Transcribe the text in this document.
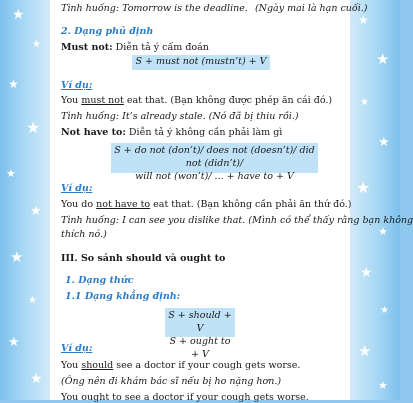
★
★
★
★
★
★
★
★
★
★
★
★
★
★
★
★
★
★
★
★
Tình huống: Tomorrow is the deadline. (Ngày mai là hạn cuối.)
2. Dạng phủ định
Must not: Diễn tả ý cấm đoán
S + must not (mustn’t) + V
Ví dụ:
You must not eat that. (Bạn không được phép ăn cái đó.)
Tình huống: It’s already stale. (Nó đã bị thiu rồi.)
Not have to: Diễn tả ý không cần phải làm gì
S + do not (don’t)/ does not (doesn’t)/ did not (didn’t)/
will not (won’t)/ ... + have to + V
Ví dụ:
You do not have to eat that. (Bạn không cần phải ăn thứ đó.)
Tình huống: I can see you dislike that. (Mình có thể thấy rằng bạn không
thích nó.)
III. So sánh should và ought to
1. Dạng thức
1.1 Dạng khẳng định:
S + should + V
S + ought to + V
Ví dụ:
You should see a doctor if your cough gets worse.
(Ông nên đi khám bác sĩ nếu bị ho nặng hơn.)
You ought to see a doctor if your cough gets worse.
